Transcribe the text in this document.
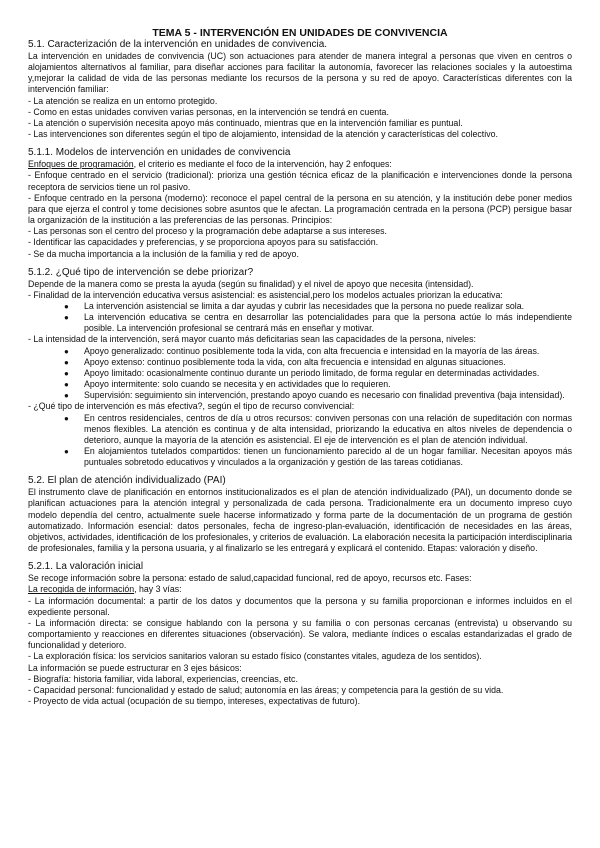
TEMA 5 - INTERVENCIÓN EN UNIDADES DE CONVIVENCIA

5.1. Caracterización de la intervención en unidades de convivencia.

La intervención en unidades de convivencia (UC) son actuaciones para atender de manera integral a personas que viven en centros o alojamientos alternativos al familiar, para diseñar acciones para facilitar la autonomía, favorecer las relaciones sociales y la autoestima y,mejorar la calidad de vida de las personas mediante los recursos de la persona y su red de apoyo. Características diferentes con la intervención familiar:

- La atención se realiza en un entorno protegido.

- Como en estas unidades conviven varias personas, en la intervención se tendrá en cuenta.

- La atención o supervisión necesita apoyo más continuado, mientras que en la intervención familiar es puntual.

- Las intervenciones son diferentes según el tipo de alojamiento, intensidad de la atención y características del colectivo.

5.1.1. Modelos de intervención en unidades de convivencia

Enfoques de programación, el criterio es mediante el foco de la intervención, hay 2 enfoques:

- Enfoque centrado en el servicio (tradicional): prioriza una gestión técnica eficaz de la planificación e intervenciones donde la persona receptora de servicios tiene un rol pasivo.

- Enfoque centrado en la persona (moderno): reconoce el papel central de la persona en su atención, y la institución debe poner medios para que ejerza el control y tome decisiones sobre asuntos que le afectan. La programación centrada en la persona (PCP) persigue basar la organización de la institución a las preferencias de las personas. Principios:

- Las personas son el centro del proceso y la programación debe adaptarse a sus intereses.

- Identificar las capacidades y preferencias, y se proporciona apoyos para su satisfacción.

- Se da mucha importancia a la inclusión de la familia y red de apoyo.

5.1.2. ¿Qué tipo de intervención se debe priorizar?

Depende de la manera como se presta la ayuda (según su finalidad) y el nivel de apoyo que necesita (intensidad).

- Finalidad de la intervención educativa versus asistencial: es asistencial,pero los modelos actuales priorizan la educativa:

● La intervención asistencial se limita a dar ayudas y cubrir las necesidades que la persona no puede realizar sola.
● La intervención educativa se centra en desarrollar las potencialidades para que la persona actúe lo más independiente posible. La intervención profesional se centrará más en enseñar y motivar.

- La intensidad de la intervención, será mayor cuanto más deficitarias sean las capacidades de la persona, niveles:

● Apoyo generalizado: continuo posiblemente toda la vida, con alta frecuencia e intensidad en la mayoría de las áreas.
● Apoyo extenso: continuo posiblemente toda la vida, con alta frecuencia e intensidad en algunas situaciones.
● Apoyo limitado: ocasionalmente continuo durante un periodo limitado, de forma regular en determinadas actividades.
● Apoyo intermitente: solo cuando se necesita y en actividades que lo requieren.
● Supervisión: seguimiento sin intervención, prestando apoyo cuando es necesario con finalidad preventiva (baja intensidad).

- ¿Qué tipo de intervención es más efectiva?, según el tipo de recurso convivencial:

● En centros residenciales, centros de día u otros recursos: conviven personas con una relación de supeditación con normas menos flexibles. La atención es continua y de alta intensidad, priorizando la educativa en altos niveles de dependencia o deterioro, aunque la mayoría de la atención es asistencial. El eje de intervención es el plan de atención individual.
● En alojamientos tutelados compartidos: tienen un funcionamiento parecido al de un hogar familiar. Necesitan apoyos más puntuales sobretodo educativos y vinculados a la organización y gestión de las tareas cotidianas.

5.2. El plan de atención individualizado (PAI)

El instrumento clave de planificación en entornos institucionalizados es el plan de atención individualizado (PAI), un documento donde se planifican actuaciones para la atención integral y personalizada de cada persona. Tradicionalmente era un documento impreso cuyo modelo dependía del centro, actualmente suele hacerse informatizado y forma parte de la documentación de un programa de gestión automatizado. Información esencial: datos personales, fecha de ingreso-plan-evaluación, identificación de necesidades en las áreas, objetivos, actividades, identificación de los profesionales, y criterios de evaluación. La elaboración necesita la participación interdisciplinaria de profesionales, familia y la persona usuaria, y al finalizarlo se les entregará y explicará el contenido. Etapas: valoración y diseño.

5.2.1. La valoración inicial

Se recoge información sobre la persona: estado de salud,capacidad funcional, red de apoyo, recursos etc. Fases:

La recogida de información, hay 3 vías:

- La información documental: a partir de los datos y documentos que la persona y su familia proporcionan e informes incluidos en el expediente personal.

- La información directa: se consigue hablando con la persona y su familia o con personas cercanas (entrevista) u observando su comportamiento y reacciones en diferentes situaciones (observación). Se valora, mediante índices o escalas estandarizadas el grado de funcionalidad y deterioro.

- La exploración física: los servicios sanitarios valoran su estado físico (constantes vitales, agudeza de los sentidos).

La información se puede estructurar en 3 ejes básicos:

- Biografía: historia familiar, vida laboral, experiencias, creencias, etc.

- Capacidad personal: funcionalidad y estado de salud; autonomía en las áreas; y competencia para la gestión de su vida.

- Proyecto de vida actual (ocupación de su tiempo, intereses, expectativas de futuro).
